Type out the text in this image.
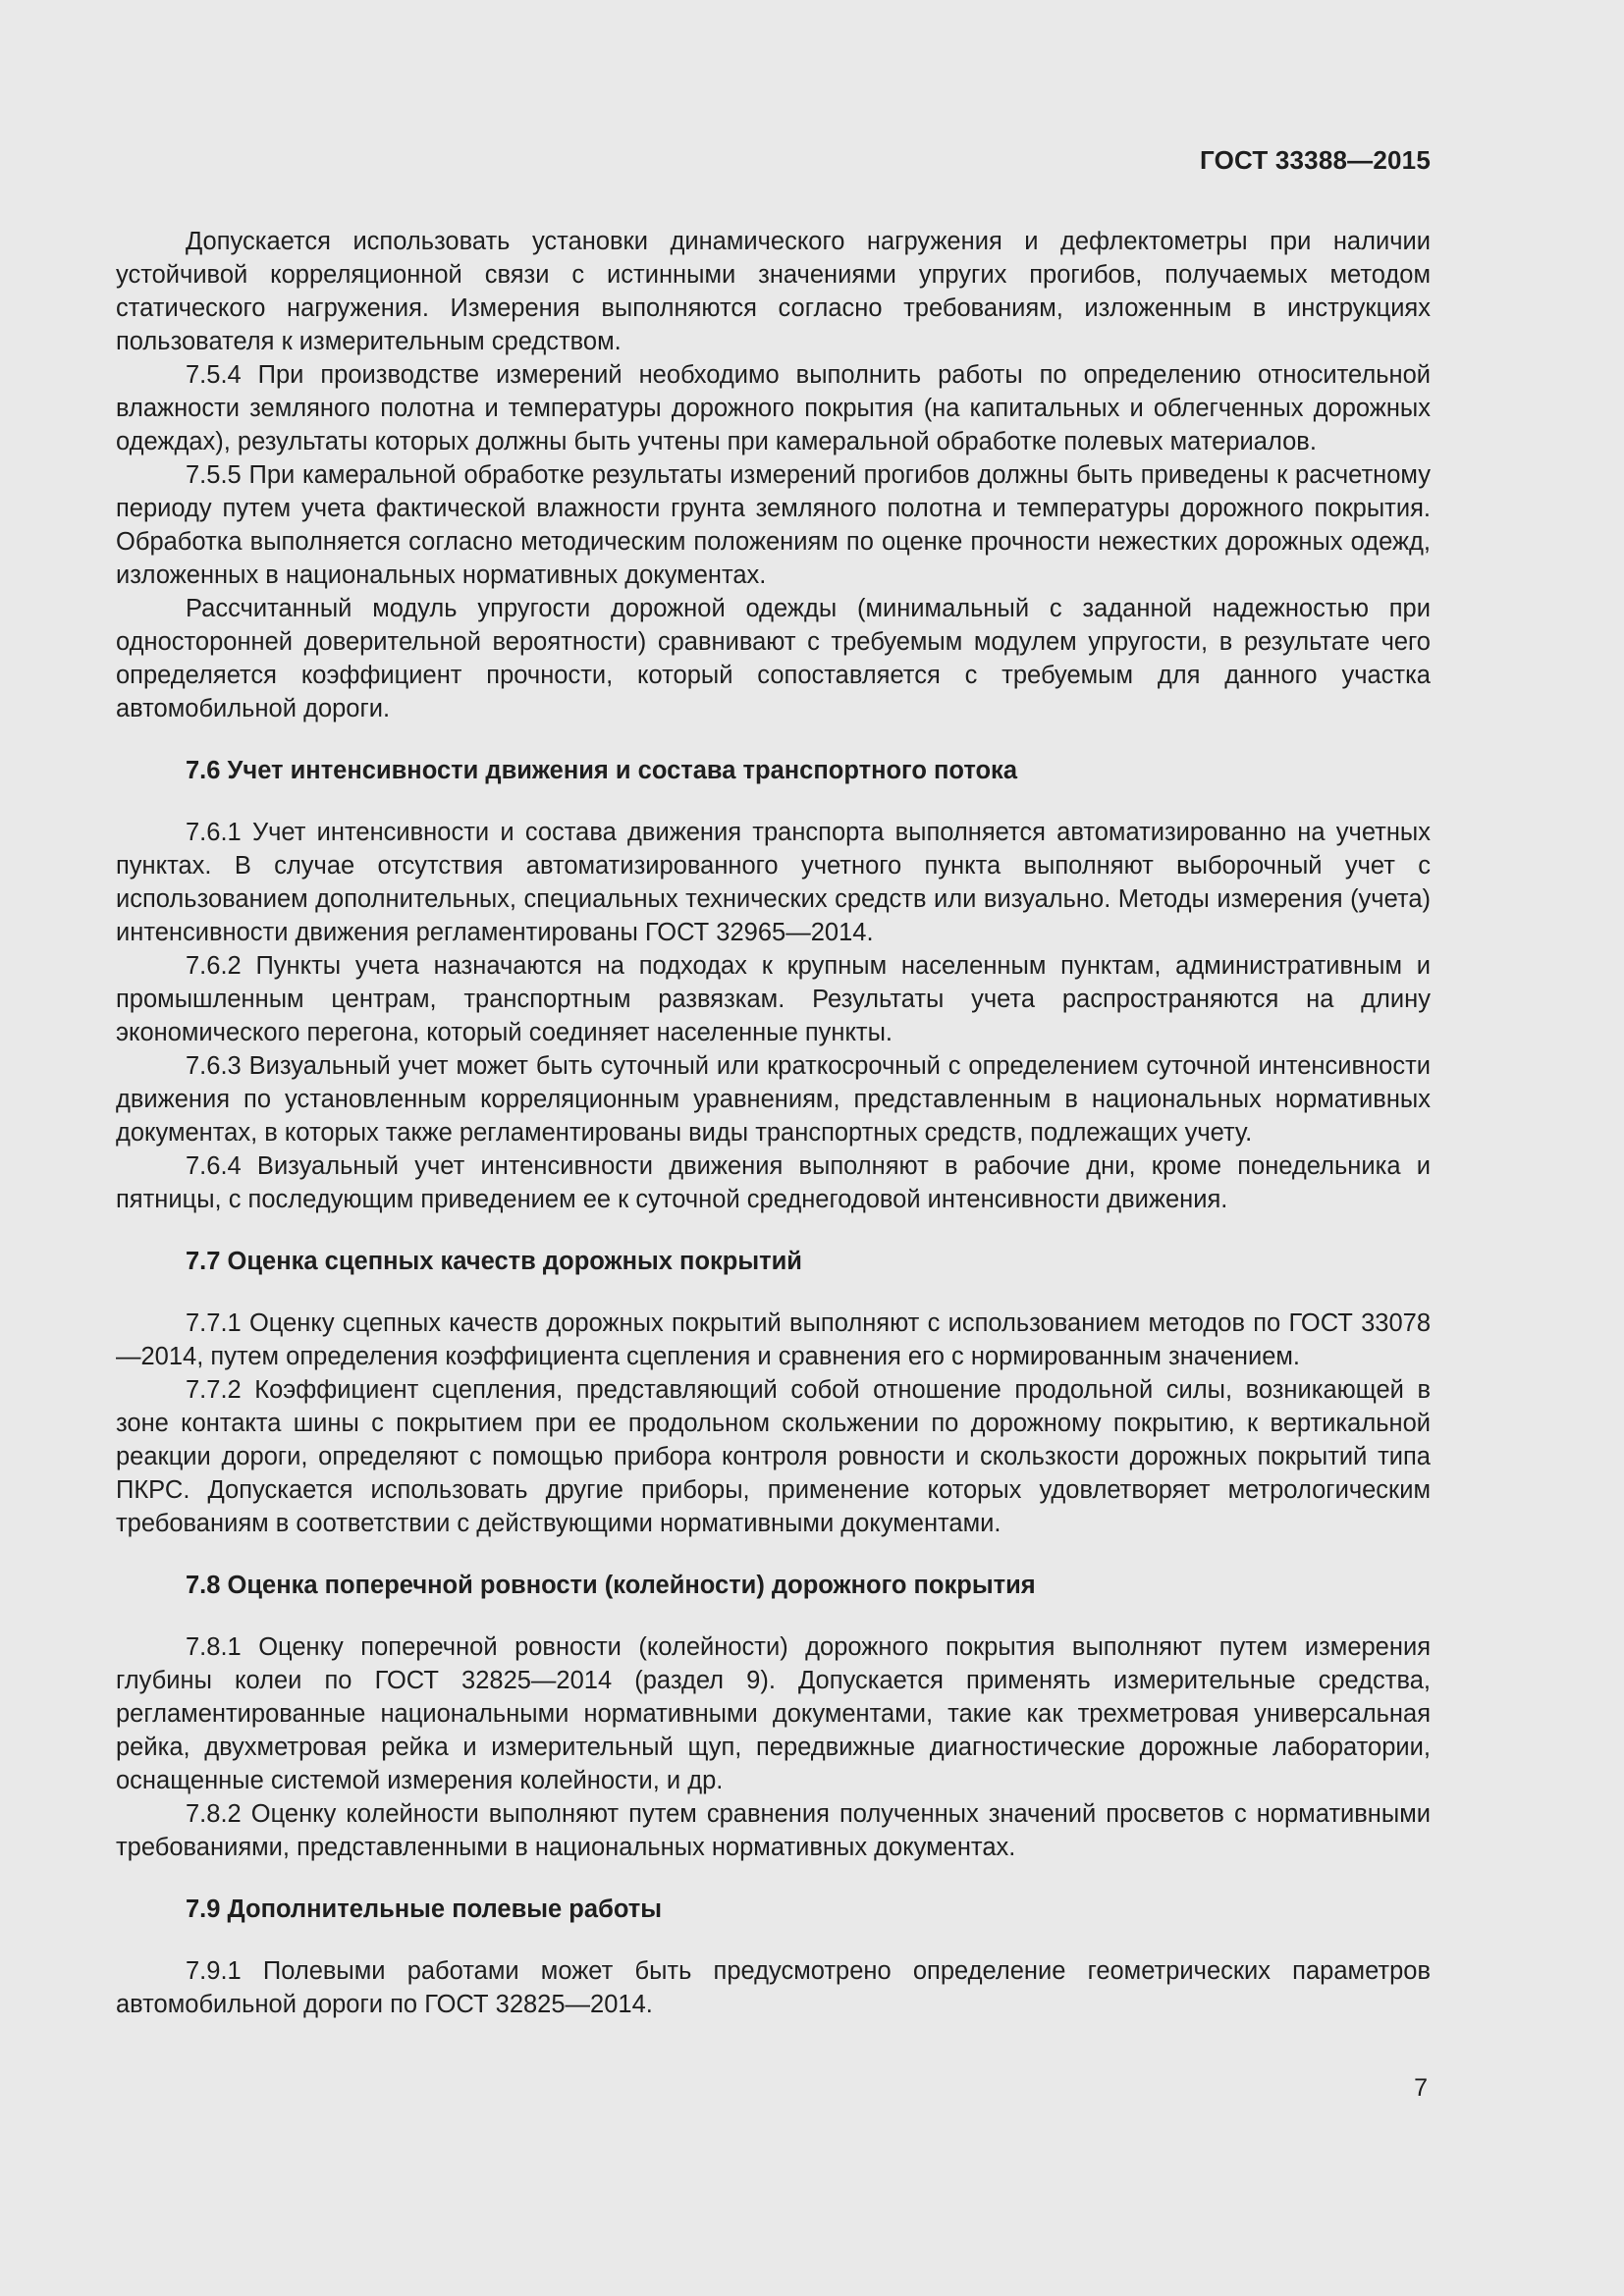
ГОСТ 33388—2015

Допускается использовать установки динамического нагружения и дефлектометры при наличии устойчивой корреляционной связи с истинными значениями упругих прогибов, получаемых методом статического нагружения. Измерения выполняются согласно требованиям, изложенным в инструкциях пользователя к измерительным средством.

7.5.4 При производстве измерений необходимо выполнить работы по определению относительной влажности земляного полотна и температуры дорожного покрытия (на капитальных и облегченных дорожных одеждах), результаты которых должны быть учтены при камеральной обработке полевых материалов.

7.5.5 При камеральной обработке результаты измерений прогибов должны быть приведены к расчетному периоду путем учета фактической влажности грунта земляного полотна и температуры дорожного покрытия. Обработка выполняется согласно методическим положениям по оценке прочности нежестких дорожных одежд, изложенных в национальных нормативных документах.

Рассчитанный модуль упругости дорожной одежды (минимальный с заданной надежностью при односторонней доверительной вероятности) сравнивают с требуемым модулем упругости, в результате чего определяется коэффициент прочности, который сопоставляется с требуемым для данного участка автомобильной дороги.

7.6 Учет интенсивности движения и состава транспортного потока

7.6.1 Учет интенсивности и состава движения транспорта выполняется автоматизированно на учетных пунктах. В случае отсутствия автоматизированного учетного пункта выполняют выборочный учет с использованием дополнительных, специальных технических средств или визуально. Методы измерения (учета) интенсивности движения регламентированы ГОСТ 32965—2014.

7.6.2 Пункты учета назначаются на подходах к крупным населенным пунктам, административным и промышленным центрам, транспортным развязкам. Результаты учета распространяются на длину экономического перегона, который соединяет населенные пункты.

7.6.3 Визуальный учет может быть суточный или краткосрочный с определением суточной интенсивности движения по установленным корреляционным уравнениям, представленным в национальных нормативных документах, в которых также регламентированы виды транспортных средств, подлежащих учету.

7.6.4 Визуальный учет интенсивности движения выполняют в рабочие дни, кроме понедельника и пятницы, с последующим приведением ее к суточной среднегодовой интенсивности движения.

7.7 Оценка сцепных качеств дорожных покрытий

7.7.1 Оценку сцепных качеств дорожных покрытий выполняют с использованием методов по ГОСТ 33078—2014, путем определения коэффициента сцепления и сравнения его с нормированным значением.

7.7.2 Коэффициент сцепления, представляющий собой отношение продольной силы, возникающей в зоне контакта шины с покрытием при ее продольном скольжении по дорожному покрытию, к вертикальной реакции дороги, определяют с помощью прибора контроля ровности и скользкости дорожных покрытий типа ПКРС. Допускается использовать другие приборы, применение которых удовлетворяет метрологическим требованиям в соответствии с действующими нормативными документами.

7.8 Оценка поперечной ровности (колейности) дорожного покрытия

7.8.1 Оценку поперечной ровности (колейности) дорожного покрытия выполняют путем измерения глубины колеи по ГОСТ 32825—2014 (раздел 9). Допускается применять измерительные средства, регламентированные национальными нормативными документами, такие как трехметровая универсальная рейка, двухметровая рейка и измерительный щуп, передвижные диагностические дорожные лаборатории, оснащенные системой измерения колейности, и др.

7.8.2 Оценку колейности выполняют путем сравнения полученных значений просветов с нормативными требованиями, представленными в национальных нормативных документах.

7.9 Дополнительные полевые работы

7.9.1 Полевыми работами может быть предусмотрено определение геометрических параметров автомобильной дороги по ГОСТ 32825—2014.

7
